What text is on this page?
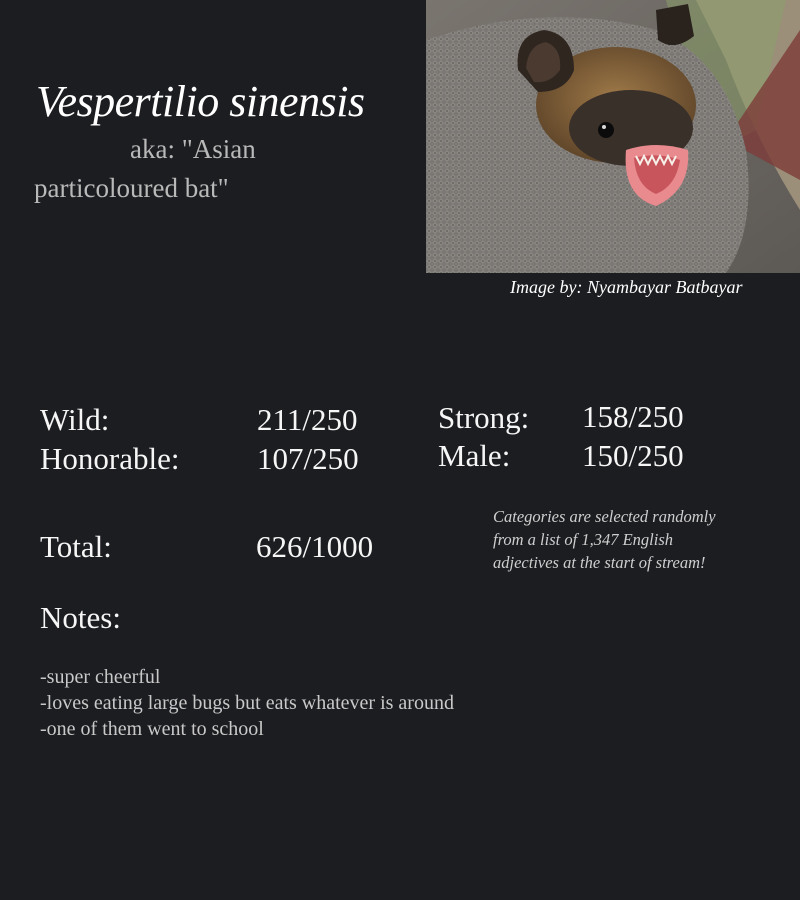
Vespertilio sinensis
aka: "Asian
particoloured bat"
Image by: Nyambayar Batbayar
Wild:	211/250
Honorable:	107/250
Strong: 158/250
Male: 150/250
Total:	626/1000
Categories are selected randomly from a list of 1,347 English adjectives at the start of stream!
Notes:
-super cheerful
-loves eating large bugs but eats whatever is around
-one of them went to school
